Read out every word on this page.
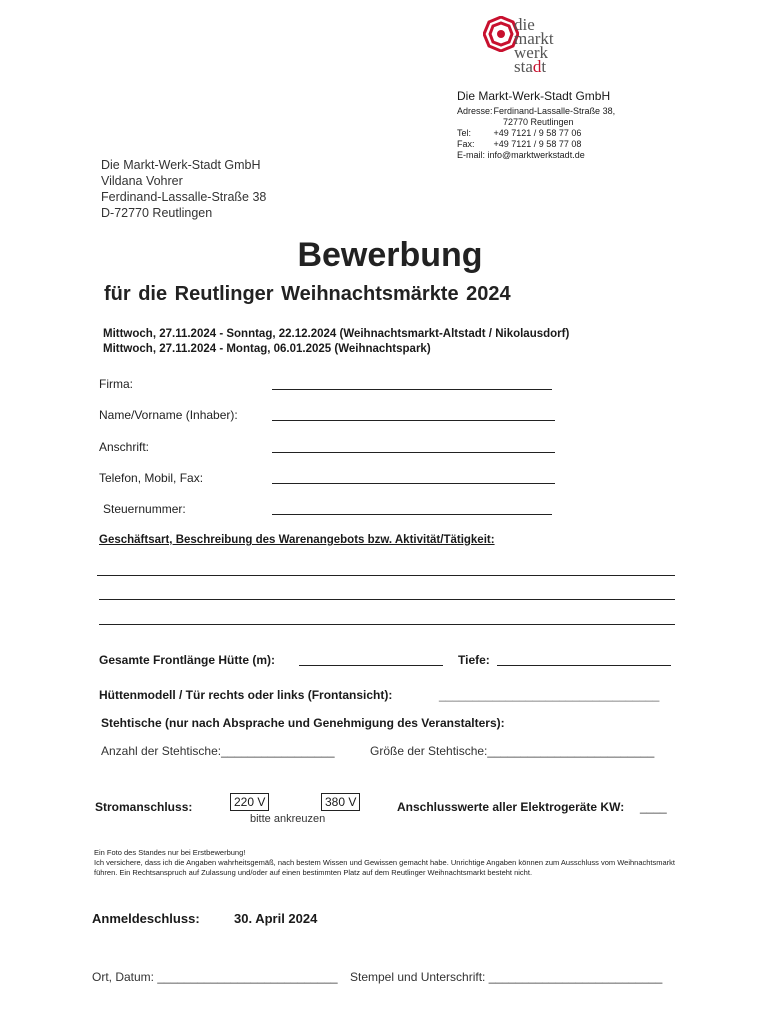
die
markt
werk
stadt
Die Markt-Werk-Stadt GmbH
Adresse: Ferdinand-Lassalle-Straße 38,
72770 Reutlingen
Tel:	+49 7121 / 9 58 77 06
Fax: +49 7121 / 9 58 77 08
E-mail: info@marktwerkstadt.de
Die Markt-Werk-Stadt GmbH
Vildana Vohrer
Ferdinand-Lassalle-Straße 38
D-72770 Reutlingen
Bewerbung
für die Reutlinger Weihnachtsmärkte 2024
Mittwoch, 27.11.2024 - Sonntag, 22.12.2024 (Weihnachtsmarkt-Altstadt / Nikolausdorf)
Mittwoch, 27.11.2024 - Montag, 06.01.2025 (Weihnachtspark)
Firma:
Name/Vorname (Inhaber):
Anschrift:
Telefon, Mobil, Fax:
Steuernummer:
Geschäftsart, Beschreibung des Warenangebots bzw. Aktivität/Tätigkeit:
Gesamte Frontlänge Hütte (m):	Tiefe:
Hüttenmodell / Tür rechts oder links (Frontansicht):	_________________________________
Stehtische (nur nach Absprache und Genehmigung des Veranstalters):
Anzahl der Stehtische:_________________	Größe der Stehtische:_________________________
Stromanschluss:	220 V	380 V
bitte ankreuzen
Anschlusswerte aller Elektrogeräte KW: ____
Ein Foto des Standes nur bei Erstbewerbung!
Ich versichere, dass ich die Angaben wahrheitsgemäß, nach bestem Wissen und Gewissen gemacht habe. Unrichtige Angaben können zum Ausschluss vom Weihnachtsmarkt führen. Ein Rechtsanspruch auf Zulassung und/oder auf einen bestimmten Platz auf dem Reutlinger Weihnachtsmarkt besteht nicht.
Anmeldeschluss:	30. April 2024
Ort, Datum: ___________________________ Stempel und Unterschrift: __________________________
